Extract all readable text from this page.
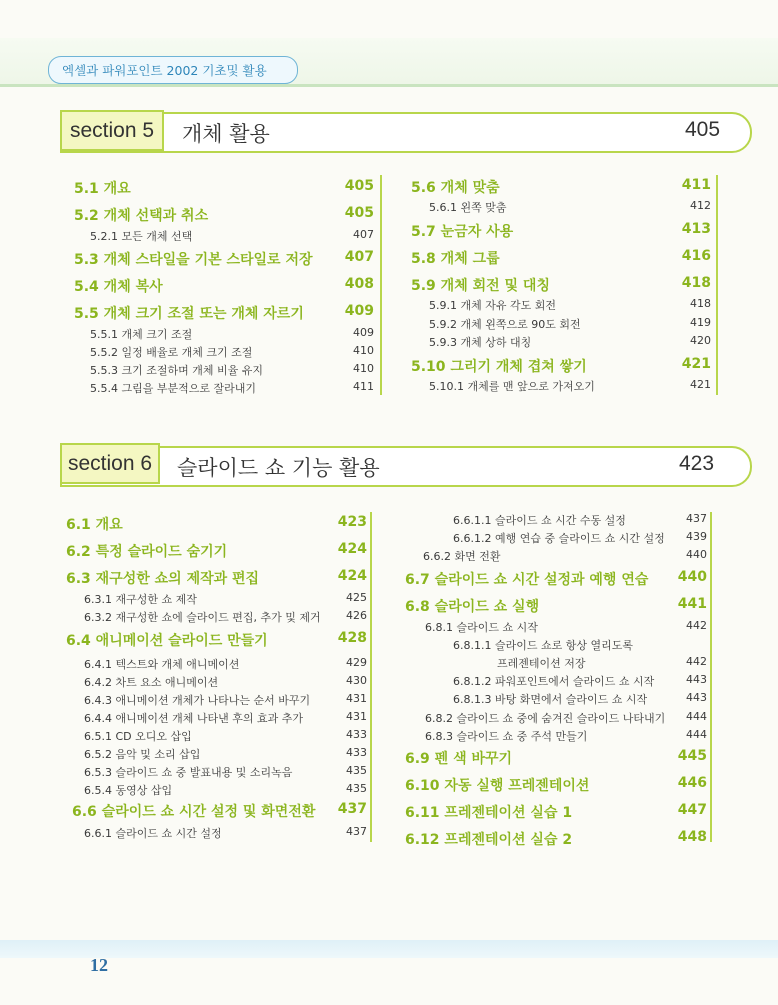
엑셀과 파워포인트 2002 기초및 활용
section 5	개체 활용	405
5.1 개요	405
5.2 개체 선택과 취소	405
5.2.1 모든 개체 선택	407
5.3 개체 스타일을 기본 스타일로 저장 407
5.4 개체 복사	408
5.5 개체 크기 조절 또는 개체 자르기	409
5.5.1 개체 크기 조절	409
5.5.2 일정 배율로 개체 크기 조절	410
5.5.3 크기 조절하며 개체 비율 유지	410
5.5.4 그림을 부분적으로 잘라내기	411
5.6 개체 맞춤	411
5.6.1 왼쪽 맞춤	412
5.7 눈금자 사용	413
5.8 개체 그룹	416
5.9 개체 회전 및 대칭	418
5.9.1 개체 자유 각도 회전	418
5.9.2 개체 왼쪽으로 90도 회전	419
5.9.3 개체 상하 대칭	420
5.10 그리기 개체 겹쳐 쌓기	421
5.10.1 개체를 맨 앞으로 가져오기	421
section 6	슬라이드 쇼 기능 활용	423
6.1 개요	423
6.2 특정 슬라이드 숨기기	424
6.3 재구성한 쇼의 제작과 편집	424
6.3.1 재구성한 쇼 제작	425
6.3.2 재구성한 쇼에 슬라이드 편집, 추가 및 제거 426
6.4 애니메이션 슬라이드 만들기	428
6.4.1 텍스트와 개체 애니메이션	429
6.4.2 차트 요소 애니메이션	430
6.4.3 애니메이션 개체가 나타나는 순서 바꾸기	431
6.4.4 애니메이션 개체 나타낸 후의 효과 추가	431
6.5.1 CD 오디오 삽입	433
6.5.2 음악 및 소리 삽입	433
6.5.3 슬라이드 쇼 중 발표내용 및 소리녹음	435
6.5.4 동영상 삽입	435
6.6 슬라이드 쇼 시간 설정 및 화면전환 437
6.6.1 슬라이드 쇼 시간 설정	437
6.6.1.1 슬라이드 쇼 시간 수동 설정	437
6.6.1.2 예행 연습 중 슬라이드 쇼 시간 설정 439
6.6.2 화면 전환	440
6.7 슬라이드 쇼 시간 설정과 예행 연습 440
6.8 슬라이드 쇼 실행	441
6.8.1 슬라이드 쇼 시작	442
6.8.1.1 슬라이드 쇼로 항상 열리도록
프레젠테이션 저장	442
6.8.1.2 파워포인트에서 슬라이드 쇼 시작	443
6.8.1.3 바탕 화면에서 슬라이드 쇼 시작	443
6.8.2 슬라이드 쇼 중에 숨겨진 슬라이드 나타내기 444
6.8.3 슬라이드 쇼 중 주석 만들기	444
6.9 펜 색 바꾸기	445
6.10 자동 실행 프레젠테이션	446
6.11 프레젠테이션 실습 1	447
6.12 프레젠테이션 실습 2	448
12
